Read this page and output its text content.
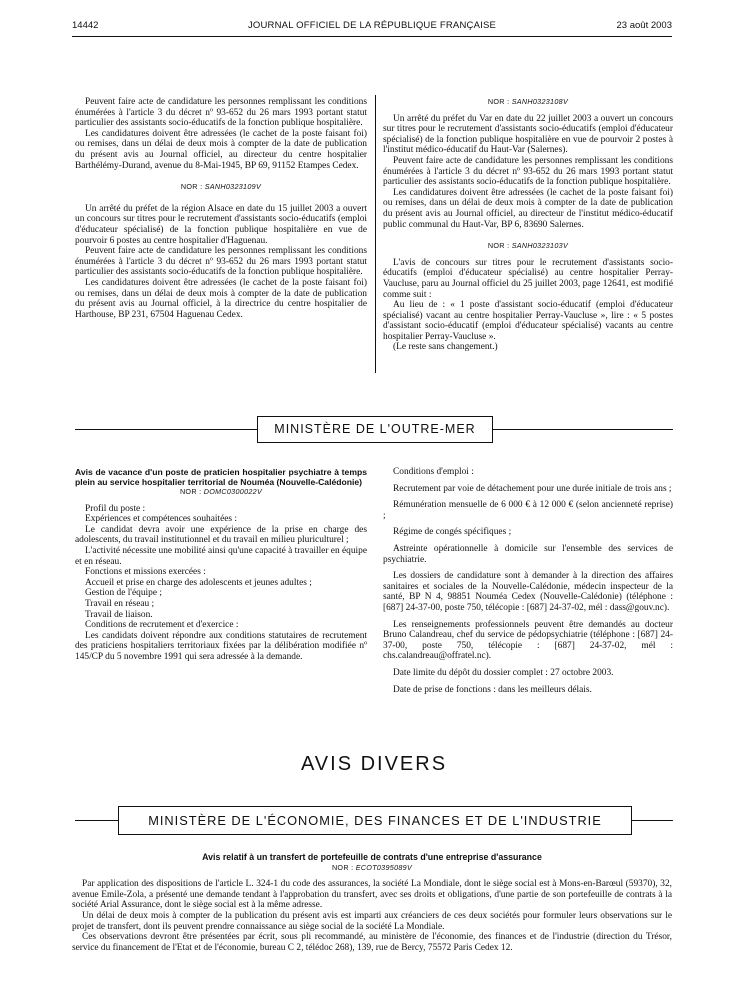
14442	JOURNAL OFFICIEL DE LA RÉPUBLIQUE FRANÇAISE	23 août 2003

Peuvent faire acte de candidature les personnes remplissant les conditions énumérées à l'article 3 du décret nº 93-652 du 26 mars 1993 portant statut particulier des assistants socio-éducatifs de la fonction publique hospitalière.

Les candidatures doivent être adressées (le cachet de la poste faisant foi) ou remises, dans un délai de deux mois à compter de la date de publication du présent avis au Journal officiel, au directeur du centre hospitalier Barthélémy-Durand, avenue du 8-Mai-1945, BP 69, 91152 Etampes Cedex.

NOR : SANH0323109V

Un arrêté du préfet de la région Alsace en date du 15 juillet 2003 a ouvert un concours sur titres pour le recrutement d'assistants socio-éducatifs (emploi d'éducateur spécialisé) de la fonction publique hospitalière en vue de pourvoir 6 postes au centre hospitalier d'Haguenau.

Peuvent faire acte de candidature les personnes remplissant les conditions énumérées à l'article 3 du décret nº 93-652 du 26 mars 1993 portant statut particulier des assistants socio-éducatifs de la fonction publique hospitalière.

Les candidatures doivent être adressées (le cachet de la poste faisant foi) ou remises, dans un délai de deux mois à compter de la date de publication du présent avis au Journal officiel, à la directrice du centre hospitalier de Harthouse, BP 231, 67504 Haguenau Cedex.

NOR : SANH0323108V

Un arrêté du préfet du Var en date du 22 juillet 2003 a ouvert un concours sur titres pour le recrutement d'assistants socio-éducatifs (emploi d'éducateur spécialisé) de la fonction publique hospitalière en vue de pourvoir 2 postes à l'institut médico-éducatif du Haut-Var (Salernes).

Peuvent faire acte de candidature les personnes remplissant les conditions énumérées à l'article 3 du décret nº 93-652 du 26 mars 1993 portant statut particulier des assistants socio-éducatifs de la fonction publique hospitalière.

Les candidatures doivent être adressées (le cachet de la poste faisant foi) ou remises, dans un délai de deux mois à compter de la date de publication du présent avis au Journal officiel, au directeur de l'institut médico-éducatif public communal du Haut-Var, BP 6, 83690 Salernes.

NOR : SANH0323103V

L'avis de concours sur titres pour le recrutement d'assistants socio-éducatifs (emploi d'éducateur spécialisé) au centre hospitalier Perray-Vaucluse, paru au Journal officiel du 25 juillet 2003, page 12641, est modifié comme suit :

Au lieu de : « 1 poste d'assistant socio-éducatif (emploi d'éducateur spécialisé) vacant au centre hospitalier Perray-Vaucluse », lire : « 5 postes d'assistant socio-éducatif (emploi d'éducateur spécialisé) vacants au centre hospitalier Perray-Vaucluse ».

(Le reste sans changement.)

MINISTÈRE DE L'OUTRE-MER

Avis de vacance d'un poste de praticien hospitalier psychiatre à temps plein au service hospitalier territorial de Nouméa (Nouvelle-Calédonie)

NOR : DOMC0300022V

Profil du poste :

Expériences et compétences souhaitées :

Le candidat devra avoir une expérience de la prise en charge des adolescents, du travail institutionnel et du travail en milieu pluriculturel ;

L'activité nécessite une mobilité ainsi qu'une capacité à travailler en équipe et en réseau.

Fonctions et missions exercées :

Accueil et prise en charge des adolescents et jeunes adultes ;

Gestion de l'équipe ;

Travail en réseau ;

Travail de liaison.

Conditions de recrutement et d'exercice :

Les candidats doivent répondre aux conditions statutaires de recrutement des praticiens hospitaliers territoriaux fixées par la délibération modifiée nº 145/CP du 5 novembre 1991 qui sera adressée à la demande.

Conditions d'emploi :

Recrutement par voie de détachement pour une durée initiale de trois ans ;

Rémunération mensuelle de 6 000 € à 12 000 € (selon ancienneté reprise) ;

Régime de congés spécifiques ;

Astreinte opérationnelle à domicile sur l'ensemble des services de psychiatrie.

Les dossiers de candidature sont à demander à la direction des affaires sanitaires et sociales de la Nouvelle-Calédonie, médecin inspecteur de la santé, BP N 4, 98851 Nouméa Cedex (Nouvelle-Calédonie) (téléphone : [687] 24-37-00, poste 750, télécopie : [687] 24-37-02, mél : dass@gouv.nc).

Les renseignements professionnels peuvent être demandés au docteur Bruno Calandreau, chef du service de pédopsychiatrie (téléphone : [687] 24-37-00, poste 750, télécopie : [687] 24-37-02, mél : chs.calandreau@offratel.nc).

Date limite du dépôt du dossier complet : 27 octobre 2003.

Date de prise de fonctions : dans les meilleurs délais.

AVIS DIVERS
MINISTÈRE DE L'ÉCONOMIE, DES FINANCES ET DE L'INDUSTRIE

Avis relatif à un transfert de portefeuille de contrats d'une entreprise d'assurance

NOR : ECOT0395089V

Par application des dispositions de l'article L. 324-1 du code des assurances, la société La Mondiale, dont le siège social est à Mons-en-Barœul (59370), 32, avenue Emile-Zola, a présenté une demande tendant à l'approbation du transfert, avec ses droits et obligations, d'une partie de son portefeuille de contrats à la société Arial Assurance, dont le siège social est à la même adresse.

Un délai de deux mois à compter de la publication du présent avis est imparti aux créanciers de ces deux sociétés pour formuler leurs observations sur le projet de transfert, dont ils peuvent prendre connaissance au siège social de la société La Mondiale.

Ces observations devront être présentées par écrit, sous pli recommandé, au ministère de l'économie, des finances et de l'industrie (direction du Trésor, service du financement de l'Etat et de l'économie, bureau C 2, télédoc 268), 139, rue de Bercy, 75572 Paris Cedex 12.
